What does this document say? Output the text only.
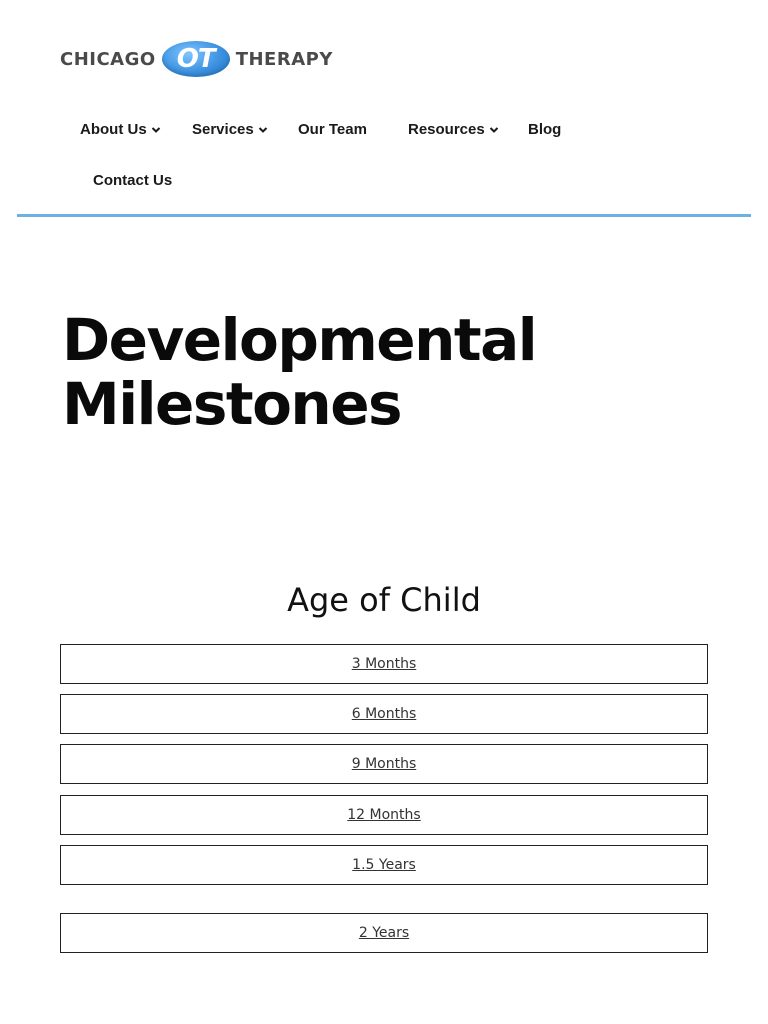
CHICAGO OT THERAPY
About Us	Services	Our Team	Resources	Blog
Contact Us
Developmental
Milestones
Age of Child
3 Months
6 Months
9 Months
12 Months
1.5 Years
2 Years
